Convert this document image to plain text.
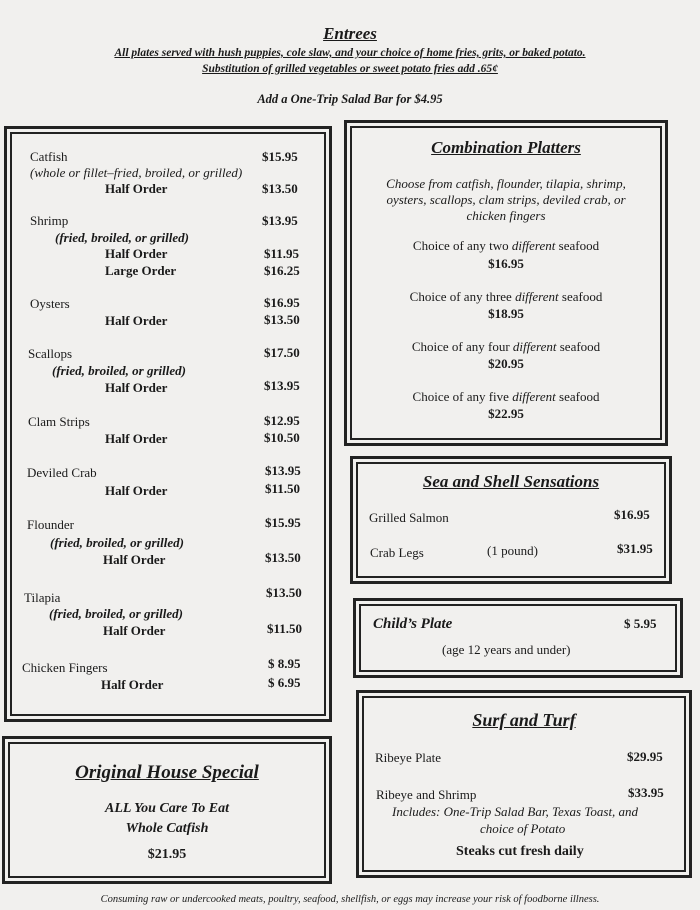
Entrees
All plates served with hush puppies, cole slaw, and your choice of home fries, grits, or baked potato.
Substitution of grilled vegetables or sweet potato fries add .65¢
Add a One-Trip Salad Bar for $4.95
Catfish	$15.95
(whole or fillet–fried, broiled, or grilled)
Half Order	$13.50
Shrimp	$13.95
(fried, broiled, or grilled)
Half Order	$11.95
Large Order	$16.25
Oysters	$16.95
Half Order	$13.50
Scallops	$17.50
(fried, broiled, or grilled)
Half Order	$13.95
Clam Strips	$12.95
Half Order	$10.50
Deviled Crab	$13.95
Half Order	$11.50
Flounder	$15.95
(fried, broiled, or grilled)
Half Order	$13.50
Tilapia	$13.50
(fried, broiled, or grilled)
Half Order	$11.50
Chicken Fingers	$ 8.95
Half Order	$ 6.95
Combination Platters
Choose from catfish, flounder, tilapia, shrimp,
oysters, scallops, clam strips, deviled crab, or
chicken fingers
Choice of any two different seafood
$16.95
Choice of any three different seafood
$18.95
Choice of any four different seafood
$20.95
Choice of any five different seafood
$22.95
Sea and Shell Sensations
Grilled Salmon	$16.95
Crab Legs	(1 pound)	$31.95
Child’s Plate	$ 5.95
(age 12 years and under)
Original House Special
ALL You Care To Eat
Whole Catfish
$21.95
Surf and Turf
Ribeye Plate	$29.95
Ribeye and Shrimp	$33.95
Includes: One-Trip Salad Bar, Texas Toast, and
choice of Potato
Steaks cut fresh daily
Consuming raw or undercooked meats, poultry, seafood, shellfish, or eggs may increase your risk of foodborne illness.
